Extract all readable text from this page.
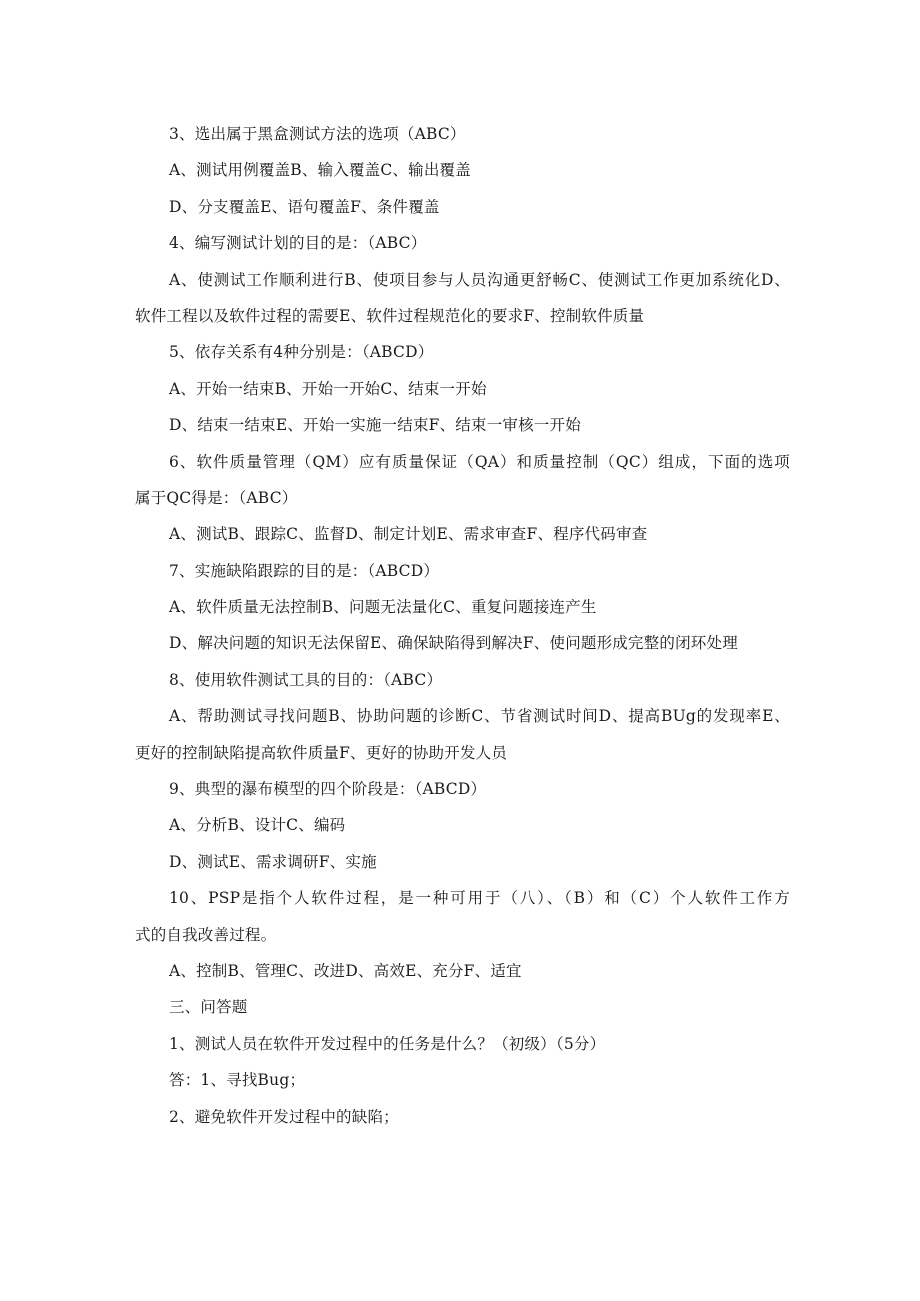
3、选出属于黑盒测试方法的选项（ABC）
A、测试用例覆盖B、输入覆盖C、输出覆盖
D、分支覆盖E、语句覆盖F、条件覆盖
4、编写测试计划的目的是：（ABC）
A、使测试工作顺利进行B、使项目参与人员沟通更舒畅C、使测试工作更加系统化D、
软件工程以及软件过程的需要E、软件过程规范化的要求F、控制软件质量
5、依存关系有4种分别是：（ABCD）
A、开始一结束B、开始一开始C、结束一开始
D、结束一结束E、开始一实施一结束F、结束一审核一开始
6、软件质量管理（QM）应有质量保证（QA）和质量控制（QC）组成，下面的选项
属于QC得是：（ABC）
A、测试B、跟踪C、监督D、制定计划E、需求审查F、程序代码审查
7、实施缺陷跟踪的目的是：（ABCD）
A、软件质量无法控制B、问题无法量化C、重复问题接连产生
D、解决问题的知识无法保留E、确保缺陷得到解决F、使问题形成完整的闭环处理
8、使用软件测试工具的目的：（ABC）
A、帮助测试寻找问题B、协助问题的诊断C、节省测试时间D、提高BUg的发现率E、
更好的控制缺陷提高软件质量F、更好的协助开发人员
9、典型的瀑布模型的四个阶段是：（ABCD）
A、分析B、设计C、编码
D、测试E、需求调研F、实施
10、PSP是指个人软件过程，是一种可用于（八）、（B）和（C）个人软件工作方
式的自我改善过程。
A、控制B、管理C、改进D、高效E、充分F、适宜
三、问答题
1、测试人员在软件开发过程中的任务是什么？（初级）（5分）
答：1、寻找Bug；
2、避免软件开发过程中的缺陷；
